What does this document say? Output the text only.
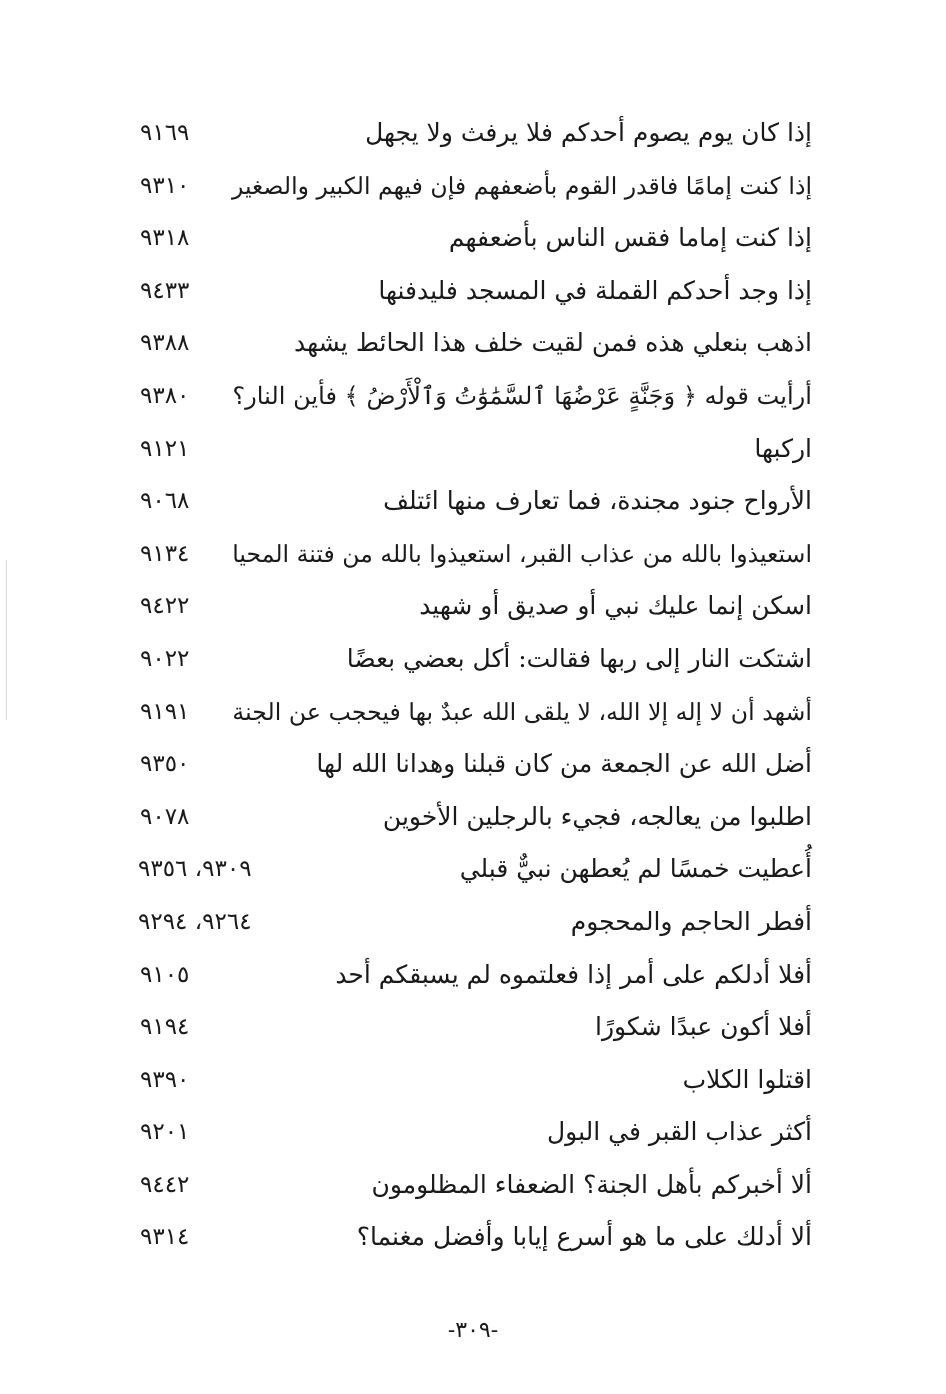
إذا كان يوم يصوم أحدكم فلا يرفث ولا يجهل
٩١٦٩
إذا كنت إمامًا فاقدر القوم بأضعفهم فإن فيهم الكبير والصغير
٩٣١٠
إذا كنت إماما فقس الناس بأضعفهم
٩٣١٨
إذا وجد أحدكم القملة في المسجد فليدفنها
٩٤٣٣
اذهب بنعلي هذه فمن لقيت خلف هذا الحائط يشهد
٩٣٨٨
أرأيت قوله ﴿ وَجَنَّةٍ عَرْضُهَا ٱلسَّمَٰوَٰتُ وَٱلْأَرْضُ ﴾ فأين النار؟
٩٣٨٠
اركبها
٩١٢١
الأرواح جنود مجندة، فما تعارف منها ائتلف
٩٠٦٨
استعيذوا بالله من عذاب القبر، استعيذوا بالله من فتنة المحيا
٩١٣٤
اسكن إنما عليك نبي أو صديق أو شهيد
٩٤٢٢
اشتكت النار إلى ربها فقالت: أكل بعضي بعضًا
٩٠٢٢
أشهد أن لا إله إلا الله، لا يلقى الله عبدٌ بها فيحجب عن الجنة
٩١٩١
أضل الله عن الجمعة من كان قبلنا وهدانا الله لها
٩٣٥٠
اطلبوا من يعالجه، فجيء بالرجلين الأخوين
٩٠٧٨
أُعطيت خمسًا لم يُعطهن نبيٌّ قبلي
٩٣٠٩، ٩٣٥٦
أفطر الحاجم والمحجوم
٩٢٦٤، ٩٢٩٤
أفلا أدلكم على أمر إذا فعلتموه لم يسبقكم أحد
٩١٠٥
أفلا أكون عبدًا شكورًا
٩١٩٤
اقتلوا الكلاب
٩٣٩٠
أكثر عذاب القبر في البول
٩٢٠١
ألا أخبركم بأهل الجنة؟ الضعفاء المظلومون
٩٤٤٢
ألا أدلك على ما هو أسرع إيابا وأفضل مغنما؟
٩٣١٤
-٣٠٩-
